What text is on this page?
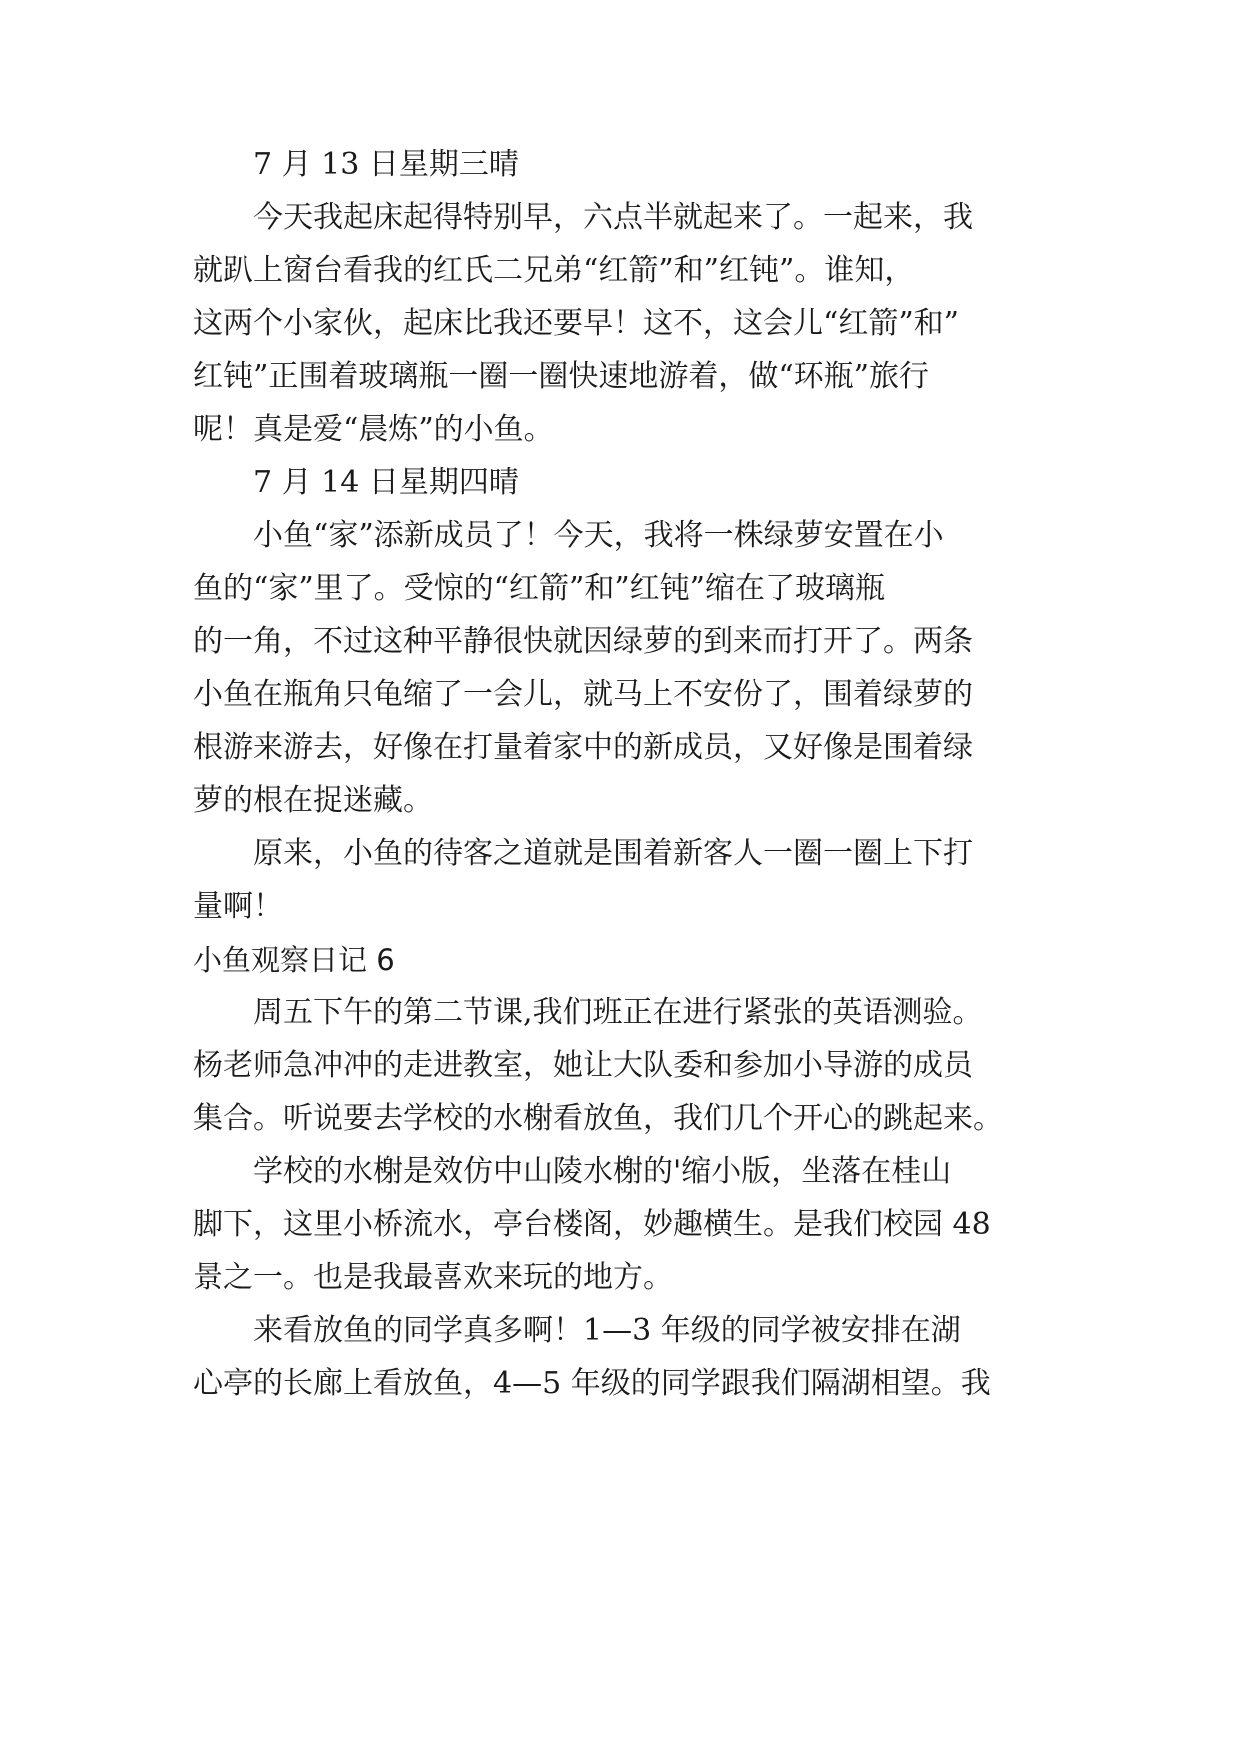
　　7 月 13 日星期三晴
　　今天我起床起得特别早，六点半就起来了。一起来，我
就趴上窗台看我的红氏二兄弟“红箭”和”红钝”。谁知，
这两个小家伙，起床比我还要早！这不，这会儿“红箭”和”
红钝”正围着玻璃瓶一圈一圈快速地游着，做“环瓶”旅行
呢！真是爱“晨炼”的小鱼。
　　7 月 14 日星期四晴
　　小鱼“家”添新成员了！今天，我将一株绿萝安置在小
鱼的“家”里了。受惊的“红箭”和”红钝”缩在了玻璃瓶
的一角，不过这种平静很快就因绿萝的到来而打开了。两条
小鱼在瓶角只龟缩了一会儿，就马上不安份了，围着绿萝的
根游来游去，好像在打量着家中的新成员，又好像是围着绿
萝的根在捉迷藏。
　　原来，小鱼的待客之道就是围着新客人一圈一圈上下打
量啊！
小鱼观察日记 6
　　周五下午的第二节课,我们班正在进行紧张的英语测验。
杨老师急冲冲的走进教室，她让大队委和参加小导游的成员
集合。听说要去学校的水榭看放鱼，我们几个开心的跳起来。
　　学校的水榭是效仿中山陵水榭的'缩小版，坐落在桂山
脚下，这里小桥流水，亭台楼阁，妙趣横生。是我们校园 48
景之一。也是我最喜欢来玩的地方。
　　来看放鱼的同学真多啊！1—3 年级的同学被安排在湖
心亭的长廊上看放鱼，4—5 年级的同学跟我们隔湖相望。我
